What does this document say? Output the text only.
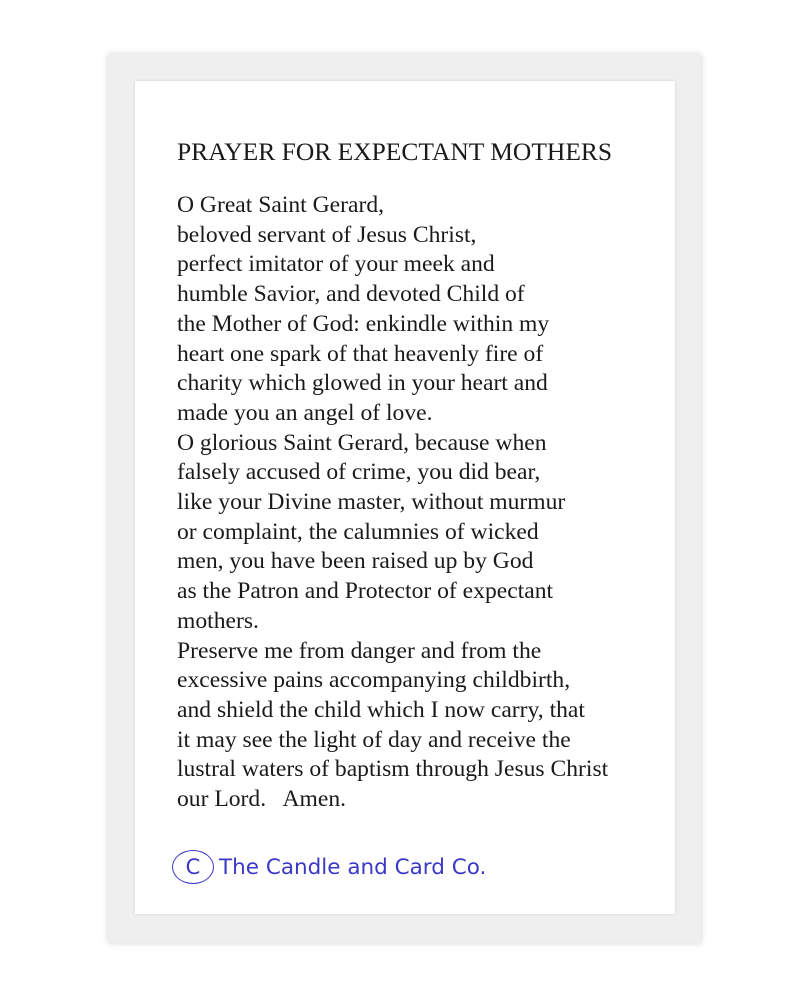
PRAYER FOR EXPECTANT MOTHERS
O Great Saint Gerard,
beloved servant of Jesus Christ,
perfect imitator of your meek and
humble Savior, and devoted Child of
the Mother of God: enkindle within my
heart one spark of that heavenly fire of
charity which glowed in your heart and
made you an angel of love.
O glorious Saint Gerard, because when
falsely accused of crime, you did bear,
like your Divine master, without murmur
or complaint, the calumnies of wicked
men, you have been raised up by God
as the Patron and Protector of expectant
mothers.
Preserve me from danger and from the
excessive pains accompanying childbirth,
and shield the child which I now carry, that
it may see the light of day and receive the
lustral waters of baptism through Jesus Christ
our Lord.   Amen.
C The Candle and Card Co.
